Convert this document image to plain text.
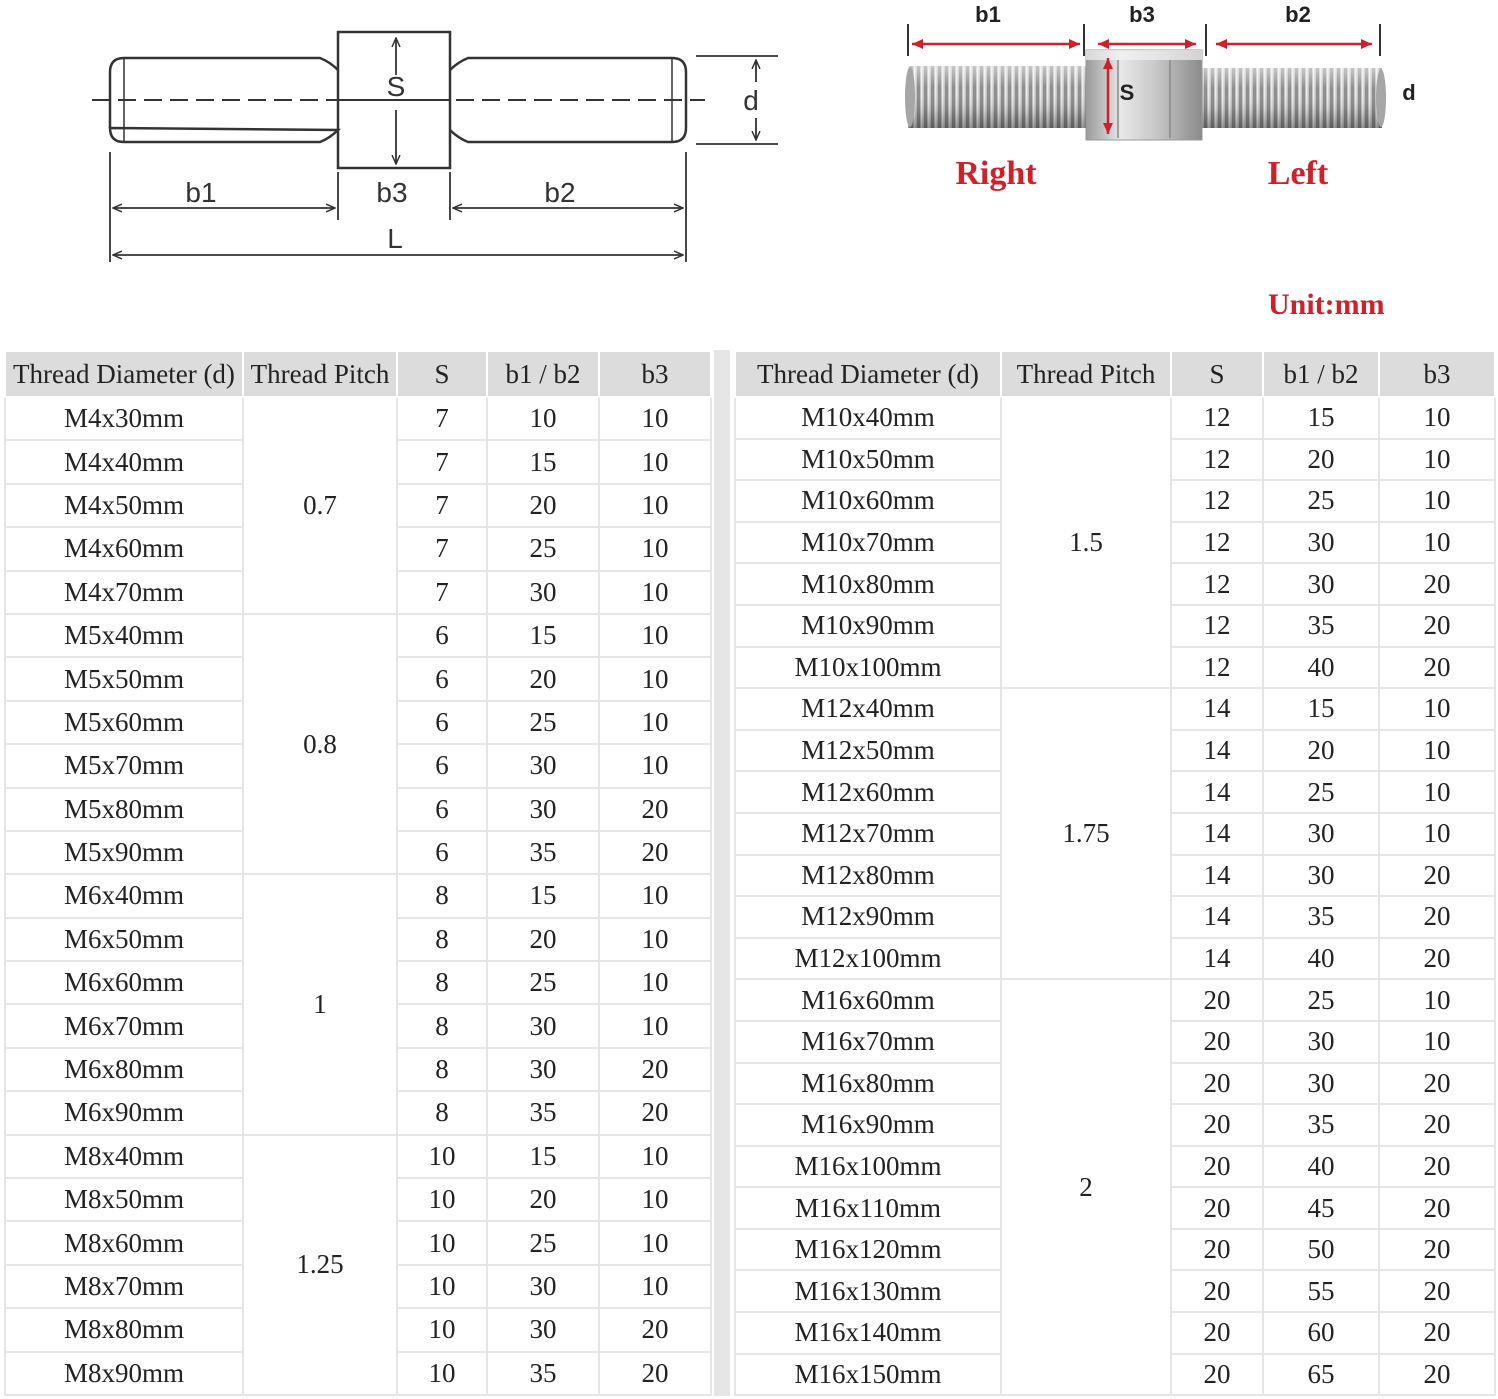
S	d
b1	b3	b2
L
b1	b3	b2
S	d
Right	Left
Unit:mm
Thread Diameter (d)	Thread Pitch	S	b1 / b2	b3
M4x30mm	0.7	7	10	10
M4x40mm		7	15	10
M4x50mm		7	20	10
M4x60mm		7	25	10
M4x70mm		7	30	10
M5x40mm	0.8	6	15	10
M5x50mm		6	20	10
M5x60mm		6	25	10
M5x70mm		6	30	10
M5x80mm		6	30	20
M5x90mm		6	35	20
M6x40mm	1	8	15	10
M6x50mm		8	20	10
M6x60mm		8	25	10
M6x70mm		8	30	10
M6x80mm		8	30	20
M6x90mm		8	35	20
M8x40mm	1.25	10	15	10
M8x50mm		10	20	10
M8x60mm		10	25	10
M8x70mm		10	30	10
M8x80mm		10	30	20
M8x90mm		10	35	20
Thread Diameter (d)	Thread Pitch	S	b1 / b2	b3
M10x40mm	1.5	12	15	10
M10x50mm		12	20	10
M10x60mm		12	25	10
M10x70mm		12	30	10
M10x80mm		12	30	20
M10x90mm		12	35	20
M10x100mm		12	40	20
M12x40mm	1.75	14	15	10
M12x50mm		14	20	10
M12x60mm		14	25	10
M12x70mm		14	30	10
M12x80mm		14	30	20
M12x90mm		14	35	20
M12x100mm		14	40	20
M16x60mm	2	20	25	10
M16x70mm		20	30	10
M16x80mm		20	30	20
M16x90mm		20	35	20
M16x100mm		20	40	20
M16x110mm		20	45	20
M16x120mm		20	50	20
M16x130mm		20	55	20
M16x140mm		20	60	20
M16x150mm		20	65	20
